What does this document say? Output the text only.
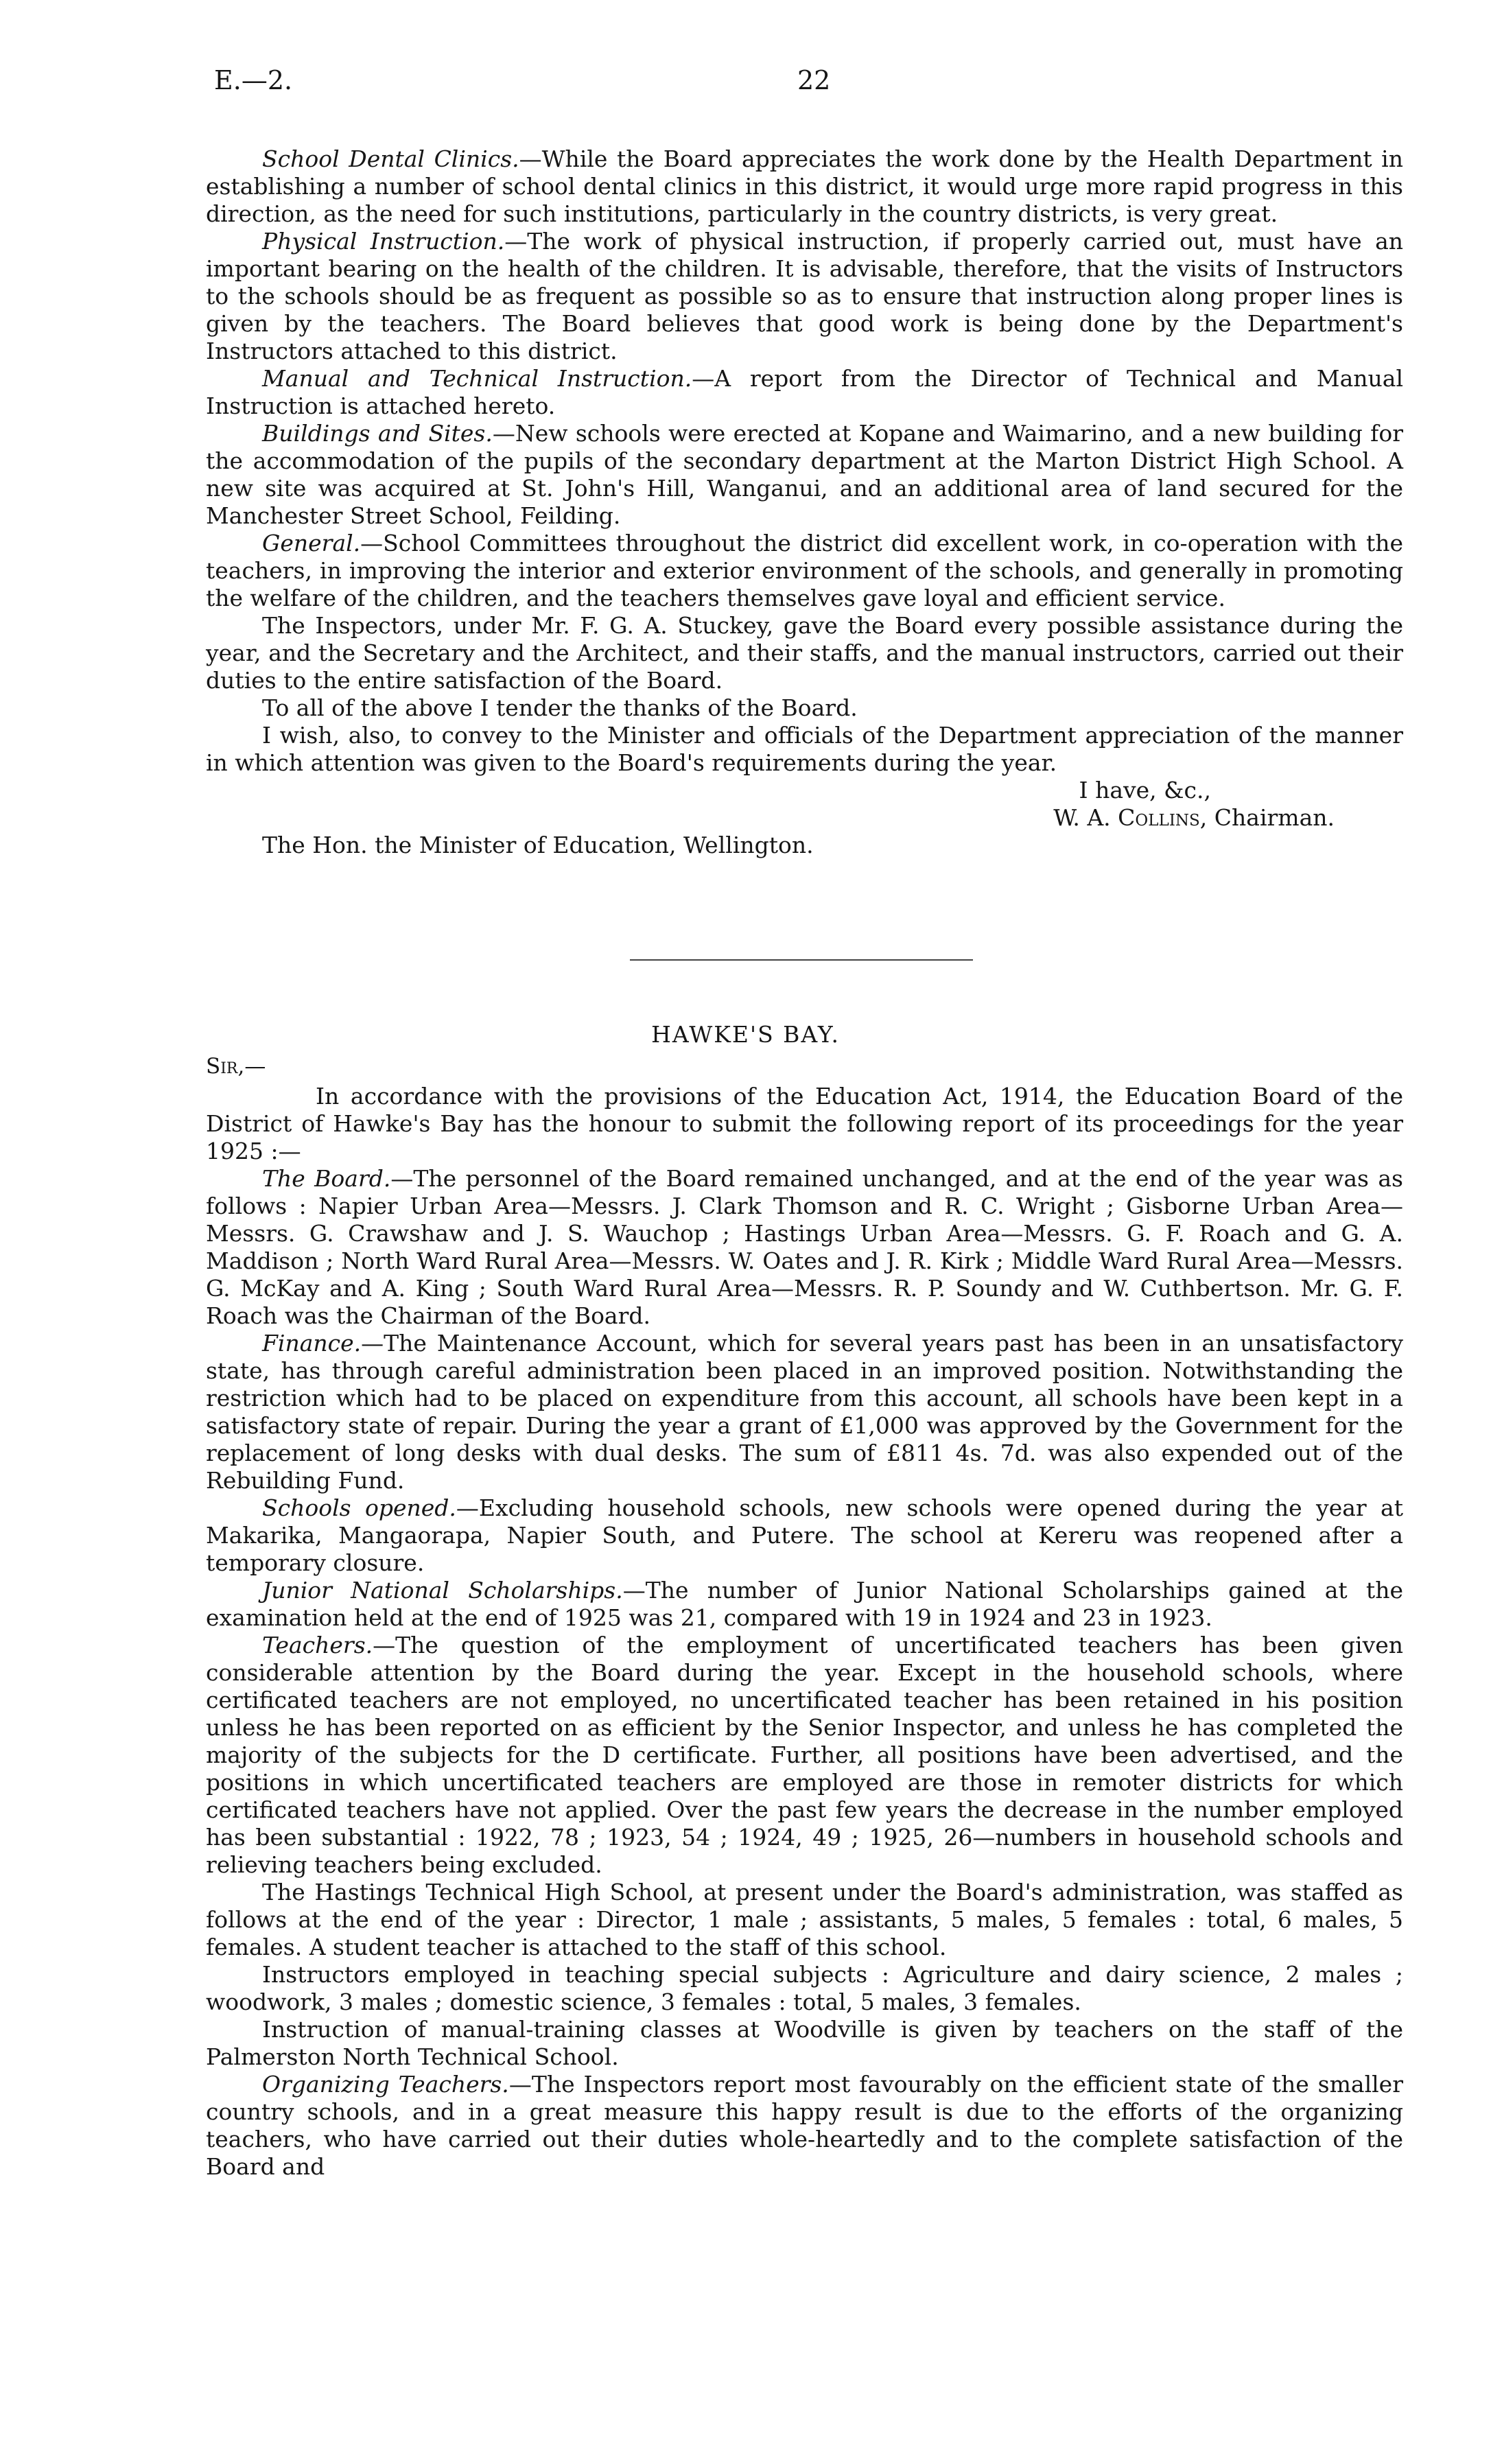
E.—2.	22

School Dental Clinics.—While the Board appreciates the work done by the Health Department in establishing a number of school dental clinics in this district, it would urge more rapid progress in this direction, as the need for such institutions, particularly in the country districts, is very great.

Physical Instruction.—The work of physical instruction, if properly carried out, must have an important bearing on the health of the children. It is advisable, therefore, that the visits of Instructors to the schools should be as frequent as possible so as to ensure that instruction along proper lines is given by the teachers. The Board believes that good work is being done by the Department's Instructors attached to this district.

Manual and Technical Instruction.—A report from the Director of Technical and Manual Instruction is attached hereto.

Buildings and Sites.—New schools were erected at Kopane and Waimarino, and a new building for the accommodation of the pupils of the secondary department at the Marton District High School. A new site was acquired at St. John's Hill, Wanganui, and an additional area of land secured for the Manchester Street School, Feilding.

General.—School Committees throughout the district did excellent work, in co-operation with the teachers, in improving the interior and exterior environment of the schools, and generally in promoting the welfare of the children, and the teachers themselves gave loyal and efficient service.

The Inspectors, under Mr. F. G. A. Stuckey, gave the Board every possible assistance during the year, and the Secretary and the Architect, and their staffs, and the manual instructors, carried out their duties to the entire satisfaction of the Board.

To all of the above I tender the thanks of the Board.

I wish, also, to convey to the Minister and officials of the Department appreciation of the manner in which attention was given to the Board's requirements during the year.

I have, &c.,
W. A. Collins, Chairman.

The Hon. the Minister of Education, Wellington.

HAWKE'S BAY.
Sir,—

In accordance with the provisions of the Education Act, 1914, the Education Board of the District of Hawke's Bay has the honour to submit the following report of its proceedings for the year 1925 :—

The Board.—The personnel of the Board remained unchanged, and at the end of the year was as follows : Napier Urban Area—Messrs. J. Clark Thomson and R. C. Wright ; Gisborne Urban Area—Messrs. G. Crawshaw and J. S. Wauchop ; Hastings Urban Area—Messrs. G. F. Roach and G. A. Maddison ; North Ward Rural Area—Messrs. W. Oates and J. R. Kirk ; Middle Ward Rural Area—Messrs. G. McKay and A. King ; South Ward Rural Area—Messrs. R. P. Soundy and W. Cuthbertson. Mr. G. F. Roach was the Chairman of the Board.

Finance.—The Maintenance Account, which for several years past has been in an unsatisfactory state, has through careful administration been placed in an improved position. Notwithstanding the restriction which had to be placed on expenditure from this account, all schools have been kept in a satisfactory state of repair. During the year a grant of £1,000 was approved by the Government for the replacement of long desks with dual desks. The sum of £811 4s. 7d. was also expended out of the Rebuilding Fund.

Schools opened.—Excluding household schools, new schools were opened during the year at Makarika, Mangaorapa, Napier South, and Putere. The school at Kereru was reopened after a temporary closure.

Junior National Scholarships.—The number of Junior National Scholarships gained at the examination held at the end of 1925 was 21, compared with 19 in 1924 and 23 in 1923.

Teachers.—The question of the employment of uncertificated teachers has been given considerable attention by the Board during the year. Except in the household schools, where certificated teachers are not employed, no uncertificated teacher has been retained in his position unless he has been reported on as efficient by the Senior Inspector, and unless he has completed the majority of the subjects for the D certificate. Further, all positions have been advertised, and the positions in which uncertificated teachers are employed are those in remoter districts for which certificated teachers have not applied. Over the past few years the decrease in the number employed has been substantial : 1922, 78 ; 1923, 54 ; 1924, 49 ; 1925, 26—numbers in household schools and relieving teachers being excluded.

The Hastings Technical High School, at present under the Board's administration, was staffed as follows at the end of the year : Director, 1 male ; assistants, 5 males, 5 females : total, 6 males, 5 females. A student teacher is attached to the staff of this school.

Instructors employed in teaching special subjects : Agriculture and dairy science, 2 males ; woodwork, 3 males ; domestic science, 3 females : total, 5 males, 3 females.

Instruction of manual-training classes at Woodville is given by teachers on the staff of the Palmerston North Technical School.

Organizing Teachers.—The Inspectors report most favourably on the efficient state of the smaller country schools, and in a great measure this happy result is due to the efforts of the organizing teachers, who have carried out their duties whole-heartedly and to the complete satisfaction of the Board and
